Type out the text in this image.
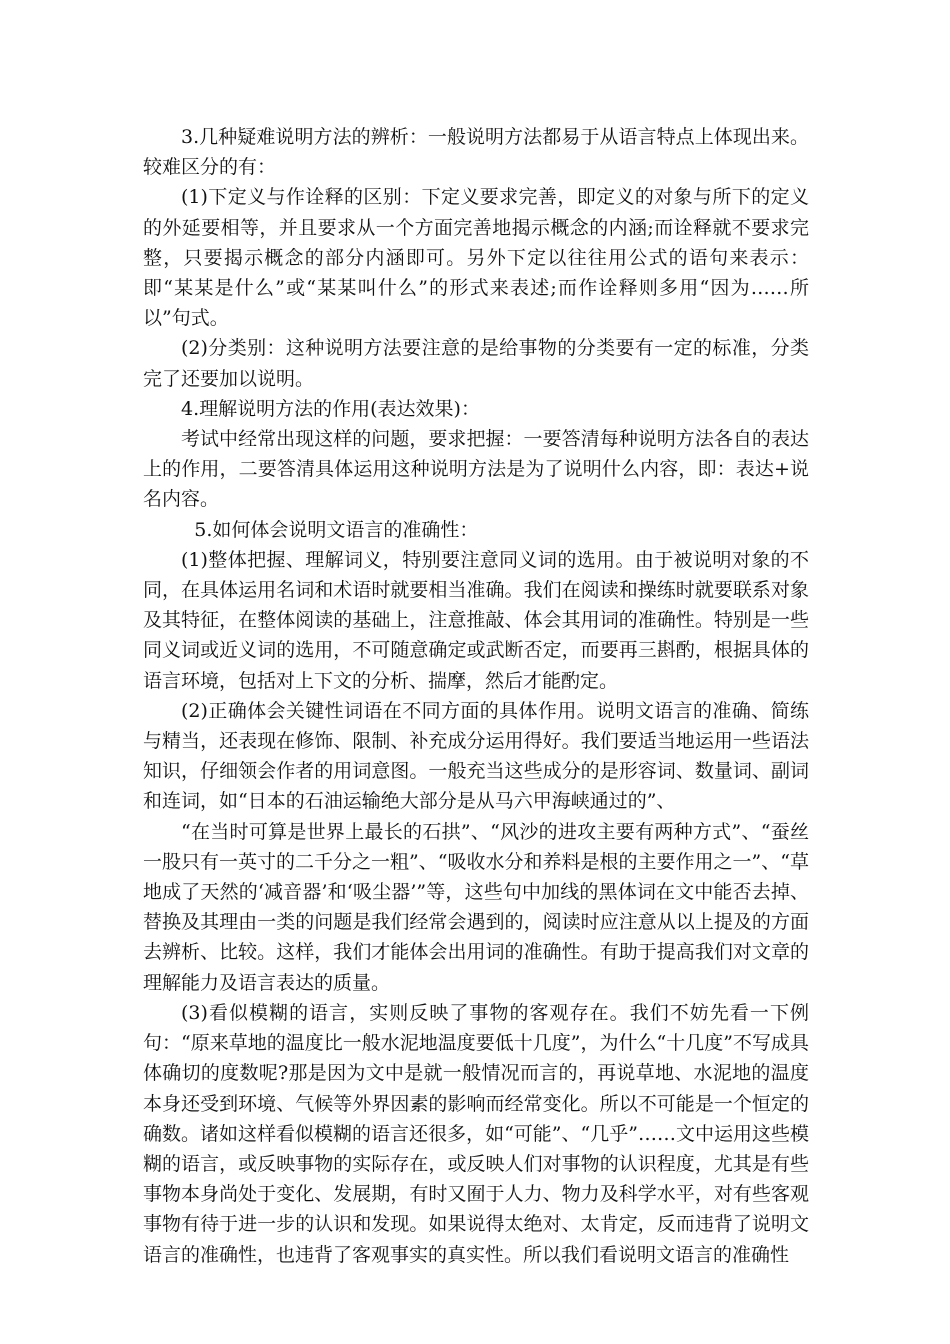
3.几种疑难说明方法的辨析：一般说明方法都易于从语言特点上体现出来。较难区分的有：

(1)下定义与作诠释的区别：下定义要求完善，即定义的对象与所下的定义的外延要相等，并且要求从一个方面完善地揭示概念的内涵;而诠释就不要求完整，只要揭示概念的部分内涵即可。另外下定以往往用公式的语句来表示：即“某某是什么”或“某某叫什么”的形式来表述;而作诠释则多用“因为……所以”句式。

(2)分类别：这种说明方法要注意的是给事物的分类要有一定的标准，分类完了还要加以说明。

4.理解说明方法的作用(表达效果)：

考试中经常出现这样的问题，要求把握：一要答清每种说明方法各自的表达上的作用，二要答清具体运用这种说明方法是为了说明什么内容，即：表达+说名内容。

5.如何体会说明文语言的准确性：

(1)整体把握、理解词义，特别要注意同义词的选用。由于被说明对象的不同，在具体运用名词和术语时就要相当准确。我们在阅读和操练时就要联系对象及其特征，在整体阅读的基础上，注意推敲、体会其用词的准确性。特别是一些同义词或近义词的选用，不可随意确定或武断否定，而要再三斟酌，根据具体的语言环境，包括对上下文的分析、揣摩，然后才能酌定。

(2)正确体会关键性词语在不同方面的具体作用。说明文语言的准确、简练与精当，还表现在修饰、限制、补充成分运用得好。我们要适当地运用一些语法知识，仔细领会作者的用词意图。一般充当这些成分的是形容词、数量词、副词和连词，如“日本的石油运输绝大部分是从马六甲海峡通过的”、

“在当时可算是世界上最长的石拱”、“风沙的进攻主要有两种方式”、“蚕丝一股只有一英寸的二千分之一粗”、“吸收水分和养料是根的主要作用之一”、“草地成了天然的‘减音器’和‘吸尘器’”等，这些句中加线的黑体词在文中能否去掉、替换及其理由一类的问题是我们经常会遇到的，阅读时应注意从以上提及的方面去辨析、比较。这样，我们才能体会出用词的准确性。有助于提高我们对文章的理解能力及语言表达的质量。

(3)看似模糊的语言，实则反映了事物的客观存在。我们不妨先看一下例句：“原来草地的温度比一般水泥地温度要低十几度”，为什么“十几度”不写成具体确切的度数呢?那是因为文中是就一般情况而言的，再说草地、水泥地的温度本身还受到环境、气候等外界因素的影响而经常变化。所以不可能是一个恒定的确数。诸如这样看似模糊的语言还很多，如“可能”、“几乎”……文中运用这些模糊的语言，或反映事物的实际存在，或反映人们对事物的认识程度，尤其是有些事物本身尚处于变化、发展期，有时又囿于人力、物力及科学水平，对有些客观事物有待于进一步的认识和发现。如果说得太绝对、太肯定，反而违背了说明文语言的准确性，也违背了客观事实的真实性。所以我们看说明文语言的准确性
